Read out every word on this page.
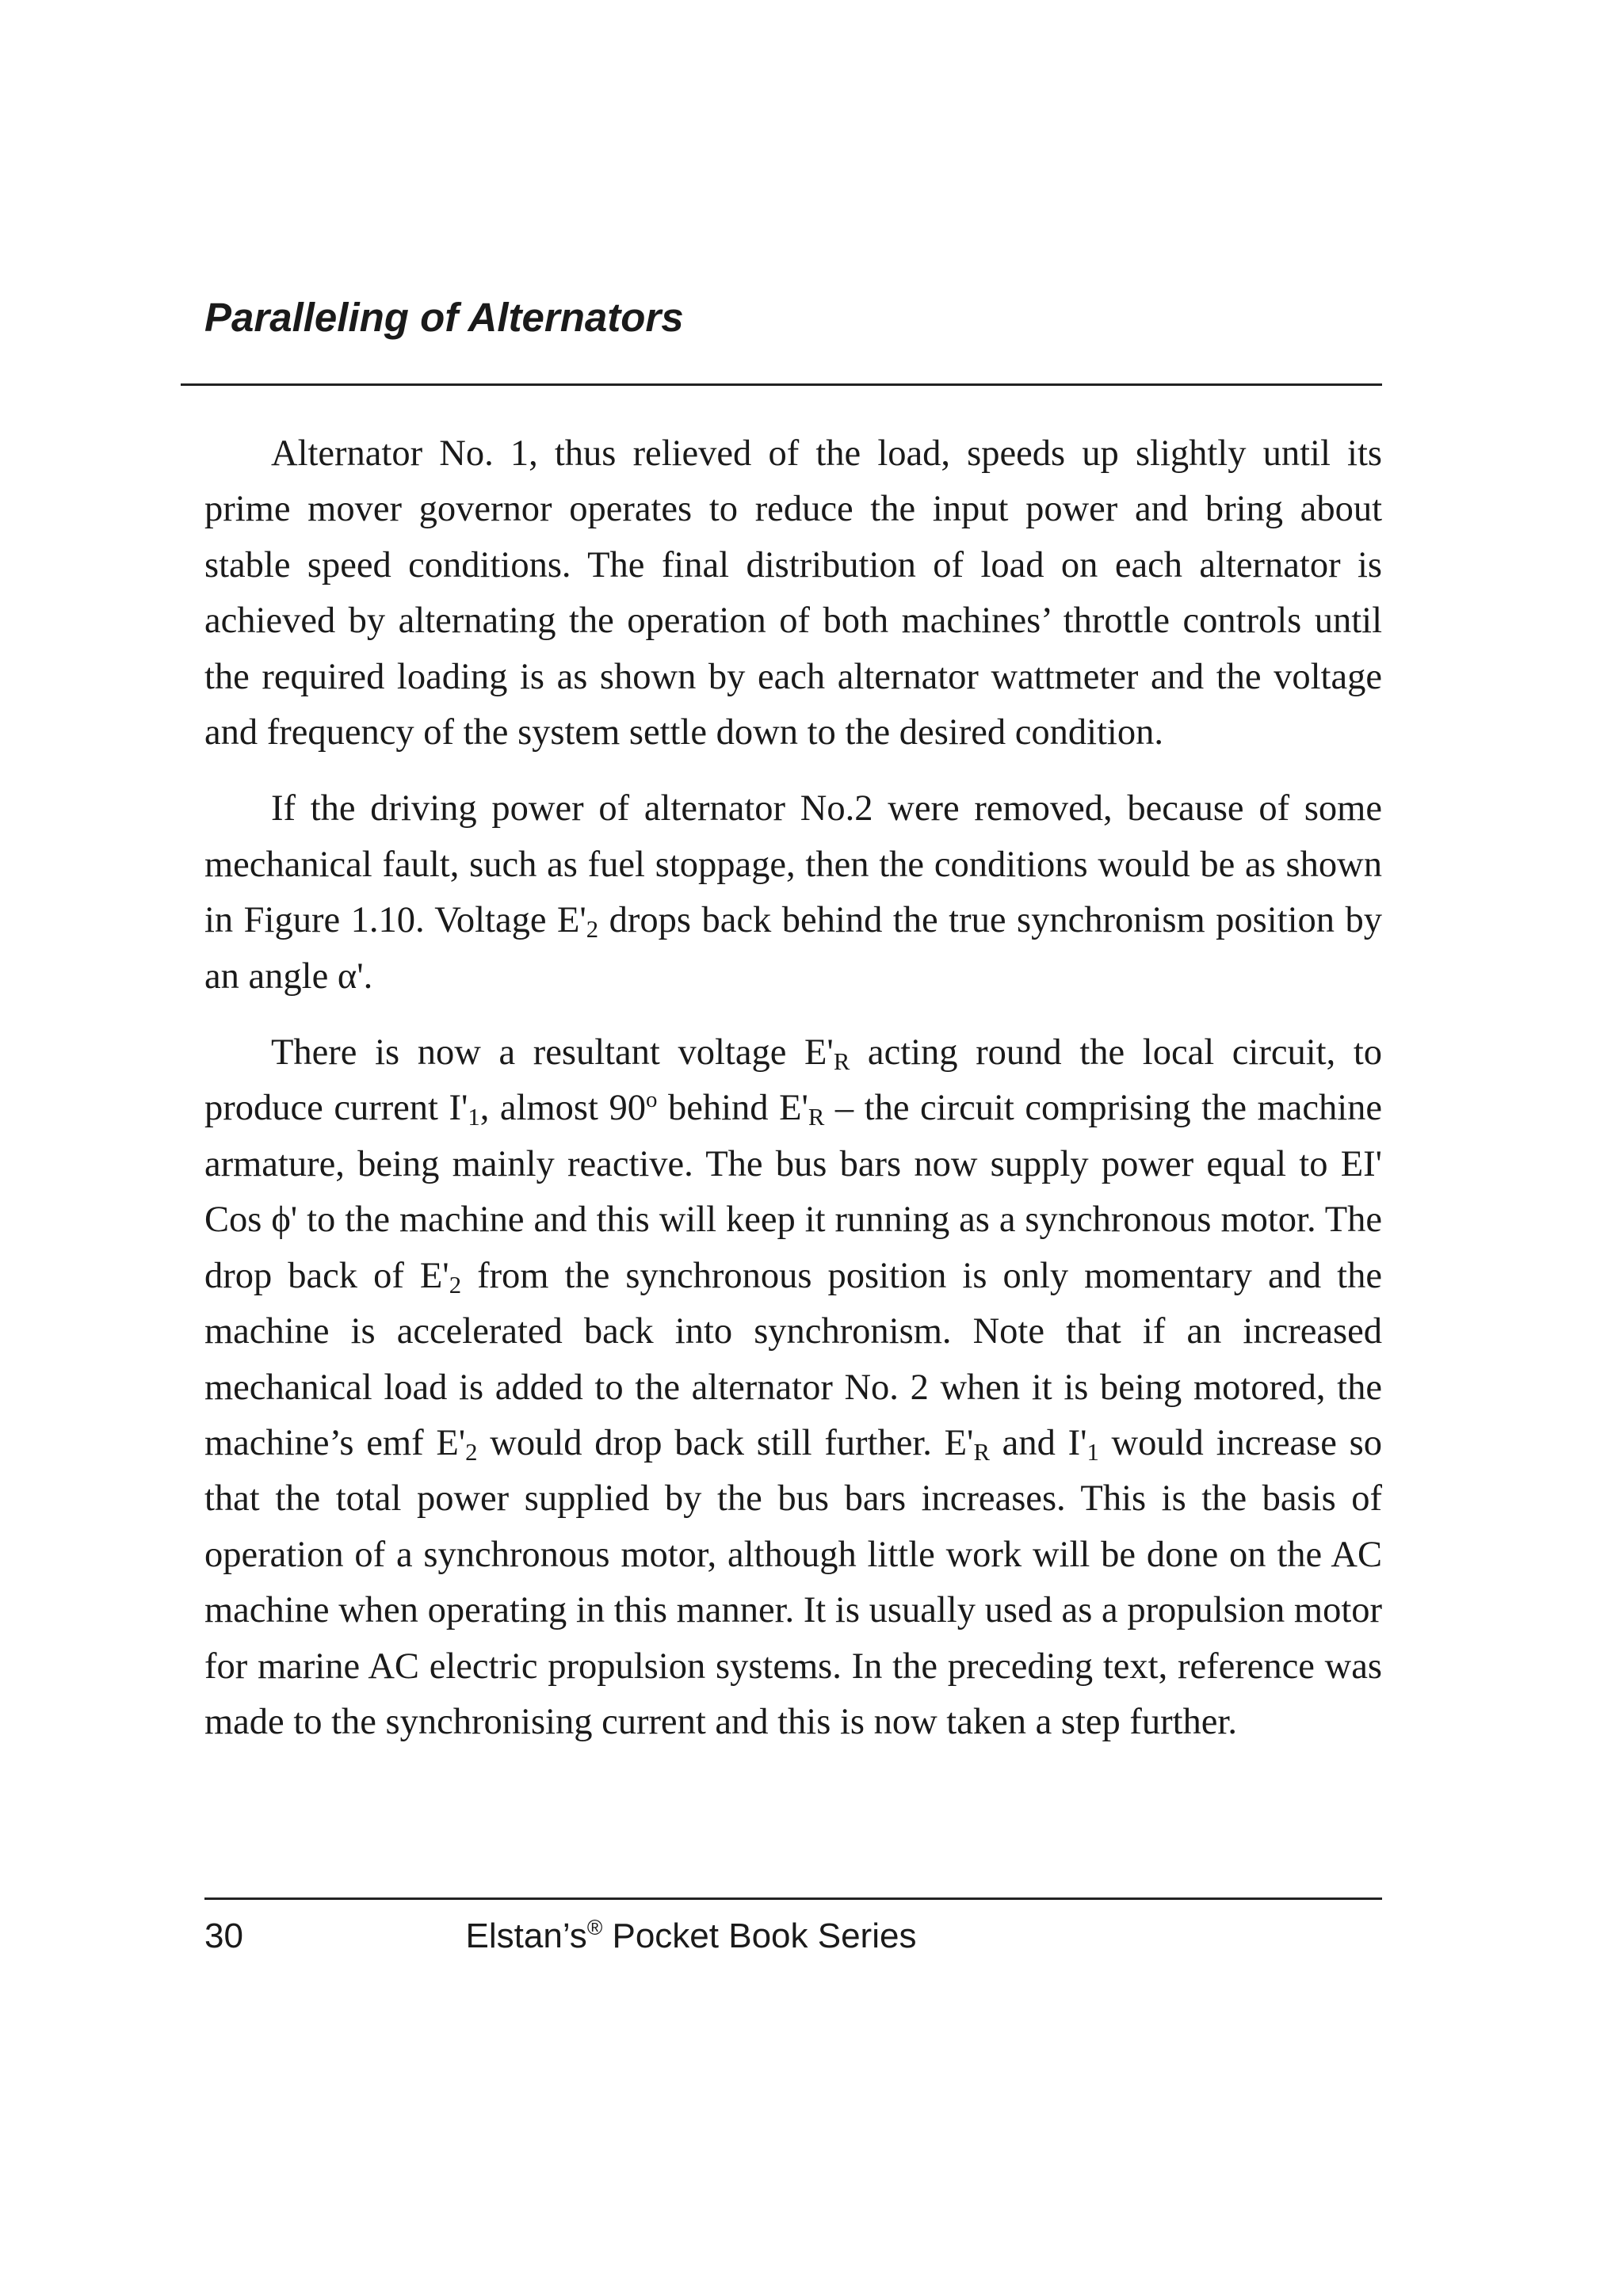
Paralleling of Alternators

Alternator No. 1, thus relieved of the load, speeds up slightly until its prime mover governor operates to reduce the input power and bring about stable speed conditions. The final distribution of load on each alternator is achieved by alternating the operation of both machines’ throttle controls until the required loading is as shown by each alternator wattmeter and the voltage and frequency of the system settle down to the desired condition.

If the driving power of alternator No.2 were removed, because of some mechanical fault, such as fuel stoppage, then the conditions would be as shown in Figure 1.10. Voltage $E'_2$ drops back behind the true synchronism position by an angle α'.

There is now a resultant voltage $E'_R$ acting round the local circuit, to produce current $I'_1$, almost 90$^o$ behind $E'_R$ – the circuit comprising the machine armature, being mainly reactive. The bus bars now supply power equal to EI' Cos ϕ' to the machine and this will keep it running as a synchronous motor. The drop back of $E'_2$ from the synchronous position is only momentary and the machine is accelerated back into synchronism. Note that if an increased mechanical load is added to the alternator No. 2 when it is being motored, the machine’s emf $E'_2$ would drop back still further. $E'_R$ and $I'_1$ would increase so that the total power supplied by the bus bars increases. This is the basis of operation of a synchronous motor, although little work will be done on the AC machine when operating in this manner. It is usually used as a propulsion motor for marine AC electric propulsion systems. In the preceding text, reference was made to the synchronising current and this is now taken a step further.

30	Elstan’s® Pocket Book Series
